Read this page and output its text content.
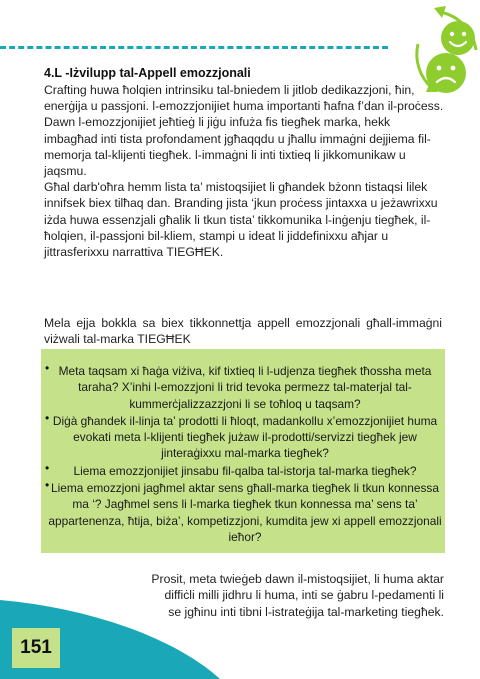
4.L -Iżvilupp tal-Appell emozzjonali

Crafting huwa ħolqien intrinsiku tal-bniedem li jitlob dedikazzjoni, ħin, enerġija u passjoni. l-emozzjonijiet huma importanti ħafna f’dan il-proċess.

Dawn l-emozzjonijiet jeħtieġ li jiġu infużа fis tiegħek marka, hekk imbagħad inti tista profondament jgħaqqdu u jħallu immaġni dejjiema fil-memorja tal-klijenti tiegħek. l-immaġni li inti tixtieq li jikkomunikaw u jaqsmu.

Għal darb'oħra hemm lista ta’ mistoqsijiet li għandek bżonn tistaqsi lilek innifsek biex tilħaq dan. Branding jista ‘jkun proċess jintaxxa u jeżawrixxu iżda huwa essenzjali għalik li tkun tista’ tikkomunika l-inġenju tiegħek, il-ħolqien, il-passjoni bil-kliem, stampi u ideat li jiddefinixxu aħjar u jittrasferixxu narrattiva TIEGĦEK.

Mela ejja bokkla sa biex tikkonnettja appell emozzjonali għall-immaġni viżwali tal-marka TIEGĦEK

• Meta taqsam xi ħaġa viżiva, kif tixtieq li l-udjenza tiegħek tħossha meta taraha? X’inhi l-emozzjoni li trid tevoka permezz tal-materjal tal-kummerċjalizzazzjoni li se toħloq u taqsam?
• Diġà għandek il-linja ta’ prodotti li ħloqt, madankollu x’emozzjonijiet huma evokati meta l-klijenti tiegħek jużaw il-prodotti/servizzi tiegħek jew jinteraġixxu mal-marka tiegħek?
•	Liema emozzjonijiet jinsabu fil-qalba tal-istorja tal-marka tiegħek?
• Liema emozzjoni jagħmel aktar sens għall-marka tiegħek li tkun konnessa ma ‘? Jagħmel sens li l-marka tiegħek tkun konnessa ma’ sens ta’ appartenenza, ħtija, biża’, kompetizzjoni, kumditа jew xi appell emozzjonali ieħor?

Prosit, meta twieġeb dawn il-mistoqsijiet, li huma aktar diffiċli milli jidhru li huma, inti se ġabru l-pedamenti li se jgħinu inti tibni l-istrateġija tal-marketing tiegħek.

151
